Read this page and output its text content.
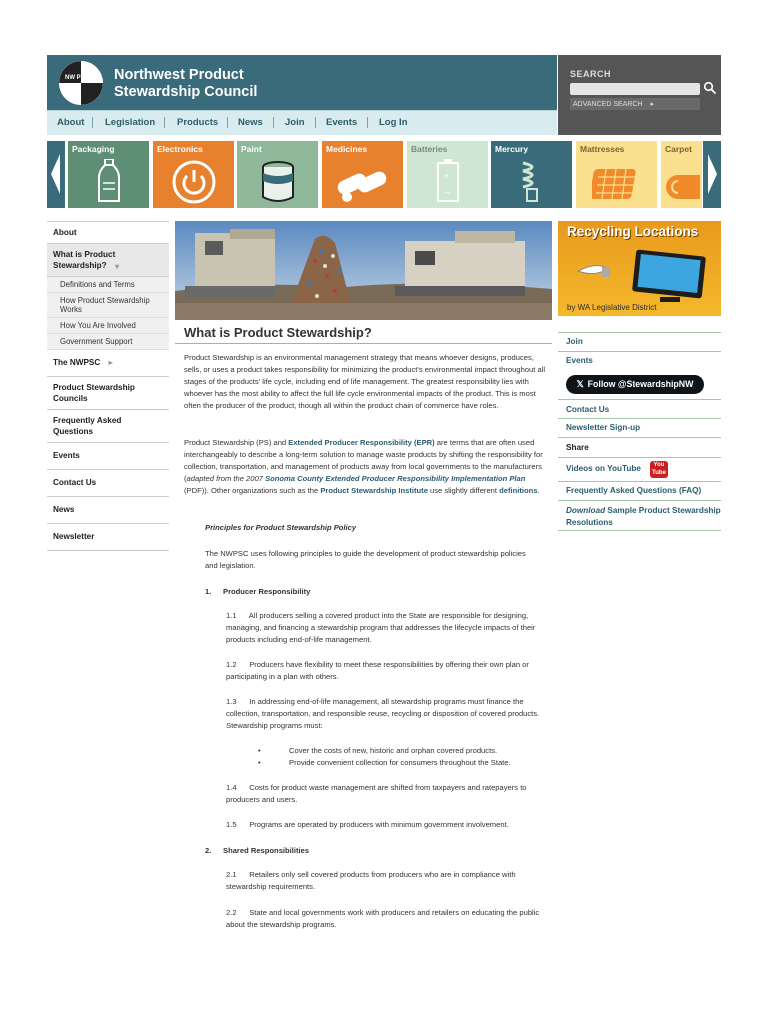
NW PSC Northwest Product
Stewardship Council
SEARCH
ADVANCED SEARCH ▸
About Legislation Products News Join Events Log In
Packaging	Electronics	Paint	Medicines	Batteries
+
–
Mercury	Mattresses	Carpet
About
What is Product Stewardship? ▾
Definitions and Terms
How Product Stewardship Works
How You Are Involved
Government Support
The NWPSC ▸
Product Stewardship Councils
Frequently Asked Questions
Events
Contact Us
News
Newsletter
What is Product Stewardship?

Product Stewardship is an environmental management strategy that means whoever designs, produces, sells, or uses a product takes responsibility for minimizing the product's environmental impact throughout all stages of the products' life cycle, including end of life management. The greatest responsibility lies with whoever has the most ability to affect the full life cycle environmental impacts of the product. This is most often the producer of the product, though all within the product chain of commerce have roles.

Product Stewardship (PS) and Extended Producer Responsibility (EPR) are terms that are often used interchangeably to describe a long-term solution to manage waste products by shifting the responsibility for collection, transportation, and management of products away from local governments to the manufacturers (adapted from the 2007 Sonoma County Extended Producer Responsibility Implementation Plan (PDF)). Other organizations such as the Product Stewardship Institute use slightly different definitions.

Principles for Product Stewardship Policy

The NWPSC uses following principles to guide the development of product stewardship policies and legislation.

1. Producer Responsibility

1.1      All producers selling a covered product into the State are responsible for designing, managing, and financing a stewardship program that addresses the lifecycle impacts of their products including end-of-life management.

1.2      Producers have flexibility to meet these responsibilities by offering their own plan or participating in a plan with others.

1.3      In addressing end-of-life management, all stewardship programs must finance the collection, transportation, and responsible reuse, recycling or disposition of covered products.  Stewardship programs must:

•	Cover the costs of new, historic and orphan covered products.

•	Provide convenient collection for consumers throughout the State.

1.4      Costs for product waste management are shifted from taxpayers and ratepayers to producers and users.

1.5      Programs are operated by producers with minimum government involvement.

2. Shared Responsibilities

2.1      Retailers only sell covered products from producers who are in compliance with stewardship requirements.

2.2      State and local governments work with producers and retailers on educating the public about the stewardship programs.

Recycling Locations
by WA Legislative District
Join
Events
𝕏 Follow @StewardshipNW
Contact Us
Newsletter Sign-up
Share
Videos on YouTube	You
Tube
Frequently Asked Questions (FAQ)
Download Sample Product Stewardship Resolutions
